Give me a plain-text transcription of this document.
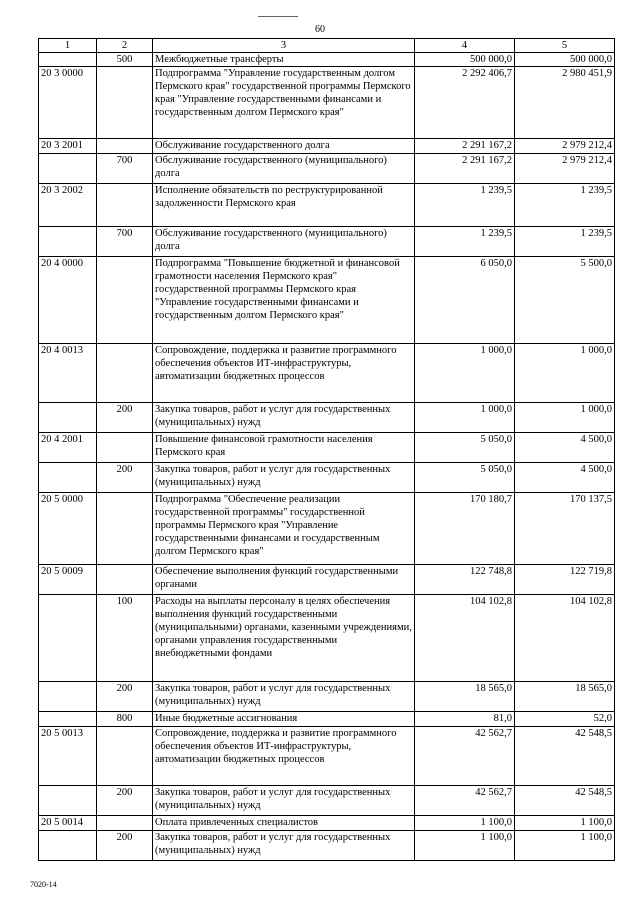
60
1	2	3	4	5
	500	Межбюджетные трансферты	500 000,0	500 000,0
20 3 0000		Подпрограмма "Управление государственным долгом Пермского края" государственной программы Пермского края "Управление государственными финансами и государственным долгом Пермского края"	2 292 406,7	2 980 451,9
20 3 2001		Обслуживание государственного долга	2 291 167,2	2 979 212,4
	700	Обслуживание государственного (муниципального) долга	2 291 167,2	2 979 212,4
20 3 2002		Исполнение обязательств по реструктурированной задолженности Пермского края	1 239,5	1 239,5
	700	Обслуживание государственного (муниципального) долга	1 239,5	1 239,5
20 4 0000		Подпрограмма "Повышение бюджетной и финансовой грамотности населения Пермского края" государственной программы Пермского края "Управление государственными финансами и государственным долгом Пермского края"	6 050,0	5 500,0
20 4 0013		Сопровождение, поддержка и развитие программного обеспечения объектов ИТ-инфраструктуры, автоматизации бюджетных процессов	1 000,0	1 000,0
	200	Закупка товаров, работ и услуг для государственных (муниципальных) нужд	1 000,0	1 000,0
20 4 2001		Повышение финансовой грамотности населения Пермского края	5 050,0	4 500,0
	200	Закупка товаров, работ и услуг для государственных (муниципальных) нужд	5 050,0	4 500,0
20 5 0000		Подпрограмма "Обеспечение реализации государственной программы" государственной программы Пермского края "Управление государственными финансами и государственным долгом Пермского края"	170 180,7	170 137,5
20 5 0009		Обеспечение выполнения функций государственными органами	122 748,8	122 719,8
	100	Расходы на выплаты персоналу в целях обеспечения выполнения функций государственными (муниципальными) органами, казенными учреждениями, органами управления государственными внебюджетными фондами	104 102,8	104 102,8
	200	Закупка товаров, работ и услуг для государственных (муниципальных) нужд	18 565,0	18 565,0
	800	Иные бюджетные ассигнования	81,0	52,0
20 5 0013		Сопровождение, поддержка и развитие программного обеспечения объектов ИТ-инфраструктуры, автоматизации бюджетных процессов	42 562,7	42 548,5
	200	Закупка товаров, работ и услуг для государственных (муниципальных) нужд	42 562,7	42 548,5
20 5 0014		Оплата привлеченных специалистов	1 100,0	1 100,0
	200	Закупка товаров, работ и услуг для государственных (муниципальных) нужд	1 100,0	1 100,0
7020-14
